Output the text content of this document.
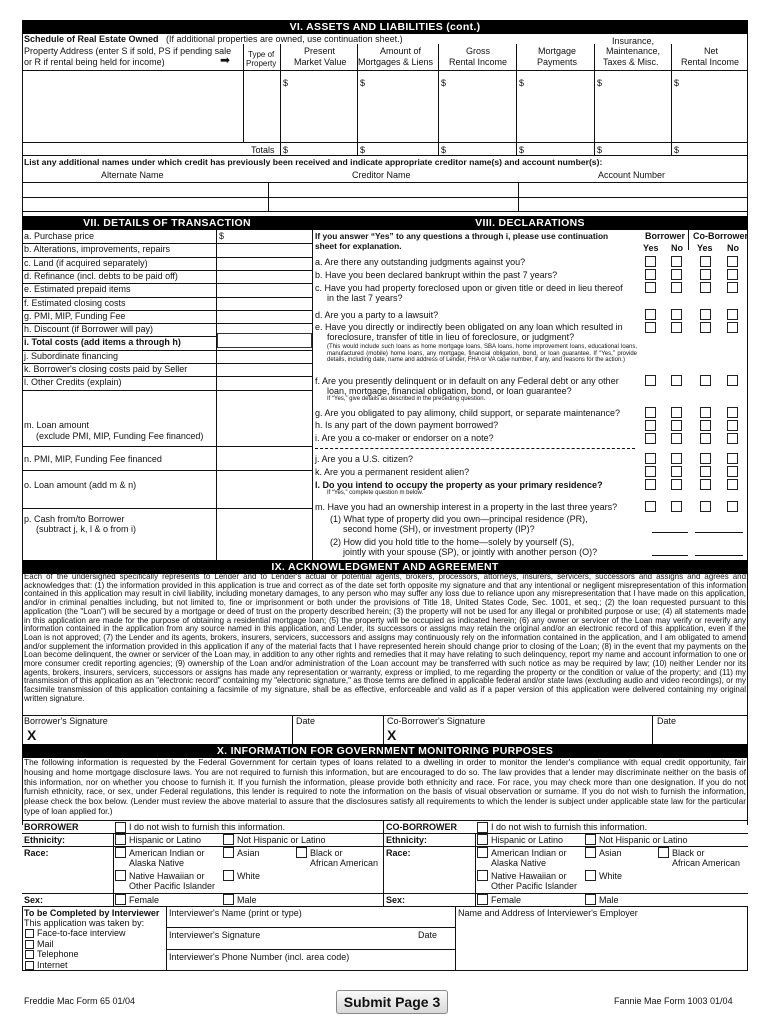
VI. ASSETS AND LIABILITIES (cont.)
Schedule of Real Estate Owned (If additional properties are owned, use continuation sheet.)
Property Address (enter S if sold, PS if pending sale
or R if rental being held for income)	➡ Type of
Property
Present
Market Value
Amount of
Mortgages & Liens
Gross
Rental Income
Mortgage
Payments
Insurance,
Maintenance,
Taxes & Misc.
Net
Rental Income
$	$	$	$	$	$
Totals $	$	$	$	$	$
List any additional names under which credit has previously been received and indicate appropriate creditor name(s) and account number(s):
Alternate Name	Creditor Name	Account Number
VII. DETAILS OF TRANSACTION
$
a. Purchase price
b. Alterations, improvements, repairs
c. Land (if acquired separately)
d. Refinance (incl. debts to be paid off)
e. Estimated prepaid items
f. Estimated closing costs
g. PMI, MIP, Funding Fee
h. Discount (if Borrower will pay)
i. Total costs (add items a through h)
j. Subordinate financing
k. Borrower's closing costs paid by Seller
l. Other Credits (explain)
m. Loan amount
(exclude PMI, MIP, Funding Fee financed)
n. PMI, MIP, Funding Fee financed
o. Loan amount (add m & n)
p. Cash from/to Borrower
(subtract j, k, l & o from i)
VIII. DECLARATIONS
If you answer “Yes” to any questions a through i, please use continuation
sheet for explanation.
Borrower Co-Borrower
Yes No Yes No
a. Are there any outstanding judgments against you?
b. Have you been declared bankrupt within the past 7 years?
c. Have you had property foreclosed upon or given title or deed in lieu thereof
in the last 7 years?
d. Are you a party to a lawsuit?
e. Have you directly or indirectly been obligated on any loan which resulted in
foreclosure, transfer of title in lieu of foreclosure, or judgment?
(This would include such loans as home mortgage loans, SBA loans, home improvement loans, educational loans, manufactured (mobile) home loans, any mortgage, financial obligation, bond, or loan guarantee. If “Yes,” provide details, including date, name and address of Lender, FHA or VA case number, if any, and reasons for the action.)
f. Are you presently delinquent or in default on any Federal debt or any other
loan, mortgage, financial obligation, bond, or loan guarantee?
If “Yes,” give details as described in the preceding question.
g. Are you obligated to pay alimony, child support, or separate maintenance?
h. Is any part of the down payment borrowed?
i. Are you a co-maker or endorser on a note?
j. Are you a U.S. citizen?
k. Are you a permanent resident alien?
l. Do you intend to occupy the property as your primary residence?
If “Yes,” complete question m below.
m. Have you had an ownership interest in a property in the last three years?
(1) What type of property did you own—principal residence (PR),
second home (SH), or investment property (IP)?
(2) How did you hold title to the home—solely by yourself (S),
jointly with your spouse (SP), or jointly with another person (O)?
IX. ACKNOWLEDGMENT AND AGREEMENT
Each of the undersigned specifically represents to Lender and to Lender's actual or potential agents, brokers, processors, attorneys, insurers, servicers, successors and assigns and agrees and acknowledges that: (1) the information provided in this application is true and correct as of the date set forth opposite my signature and that any intentional or negligent misrepresentation of this information contained in this application may result in civil liability, including monetary damages, to any person who may suffer any loss due to reliance upon any misrepresentation that I have made on this application, and/or in criminal penalties including, but not limited to, fine or imprisonment or both under the provisions of Title 18, United States Code, Sec. 1001, et seq.; (2) the loan requested pursuant to this application (the "Loan") will be secured by a mortgage or deed of trust on the property described herein; (3) the property will not be used for any illegal or prohibited purpose or use; (4) all statements made in this application are made for the purpose of obtaining a residential mortgage loan; (5) the property will be occupied as indicated herein; (6) any owner or servicer of the Loan may verify or reverify any information contained in the application from any source named in this application, and Lender, its successors or assigns may retain the original and/or an electronic record of this application, even if the Loan is not approved; (7) the Lender and its agents, brokers, insurers, servicers, successors and assigns may continuously rely on the information contained in the application, and I am obligated to amend and/or supplement the information provided in this application if any of the material facts that I have represented herein should change prior to closing of the Loan; (8) in the event that my payments on the Loan become delinquent, the owner or servicer of the Loan may, in addition to any other rights and remedies that it may have relating to such delinquency, report my name and account information to one or more consumer credit reporting agencies; (9) ownership of the Loan and/or administration of the Loan account may be transferred with such notice as may be required by law; (10) neither Lender nor its agents, brokers, insurers, servicers, successors or assigns has made any representation or warranty, express or implied, to me regarding the property or the condition or value of the property; and (11) my transmission of this application as an "electronic record" containing my "electronic signature," as those terms are defined in applicable federal and/or state laws (excluding audio and video recordings), or my facsimile transmission of this application containing a facsimile of my signature, shall be as effective, enforceable and valid as if a paper version of this application were delivered containing my original written signature.
Borrower's Signature	Date	Co-Borrower's Signature	Date
X	X
X. INFORMATION FOR GOVERNMENT MONITORING PURPOSES
The following information is requested by the Federal Government for certain types of loans related to a dwelling in order to monitor the lender's compliance with equal credit opportunity, fair housing and home mortgage disclosure laws. You are not required to furnish this information, but are encouraged to do so. The law provides that a lender may discriminate neither on the basis of this information, nor on whether you choose to furnish it. If you furnish the information, please provide both ethnicity and race. For race, you may check more than one designation. If you do not furnish ethnicity, race, or sex, under Federal regulations, this lender is required to note the information on the basis of visual observation or surname. If you do not wish to furnish the information, please check the box below. (Lender must review the above material to assure that the disclosures satisfy all requirements to which the lender is subject under applicable state law for the particular type of loan applied for.)
BORROWER	I do not wish to furnish this information.	CO-BORROWER	I do not wish to furnish this information.
Ethnicity:	Hispanic or Latino	Not Hispanic or Latino
Race:	American Indian or
Alaska Native
Asian	Black or
African American
Native Hawaiian or
Other Pacific Islander
White
Ethnicity:	Hispanic or Latino	Not Hispanic or Latino
Race:	American Indian or
Alaska Native
Asian	Black or
African American
Native Hawaiian or
Other Pacific Islander
White
Sex:	Female	Male	Sex:	Female	Male
To be Completed by Interviewer
This application was taken by:
Face-to-face interview
Mail
Telephone
Internet
Interviewer's Name (print or type)
Interviewer's Signature	Date
Interviewer's Phone Number (incl. area code)
Name and Address of Interviewer's Employer
Freddie Mac Form 65 01/04	Submit Page 3	Fannie Mae Form 1003 01/04
